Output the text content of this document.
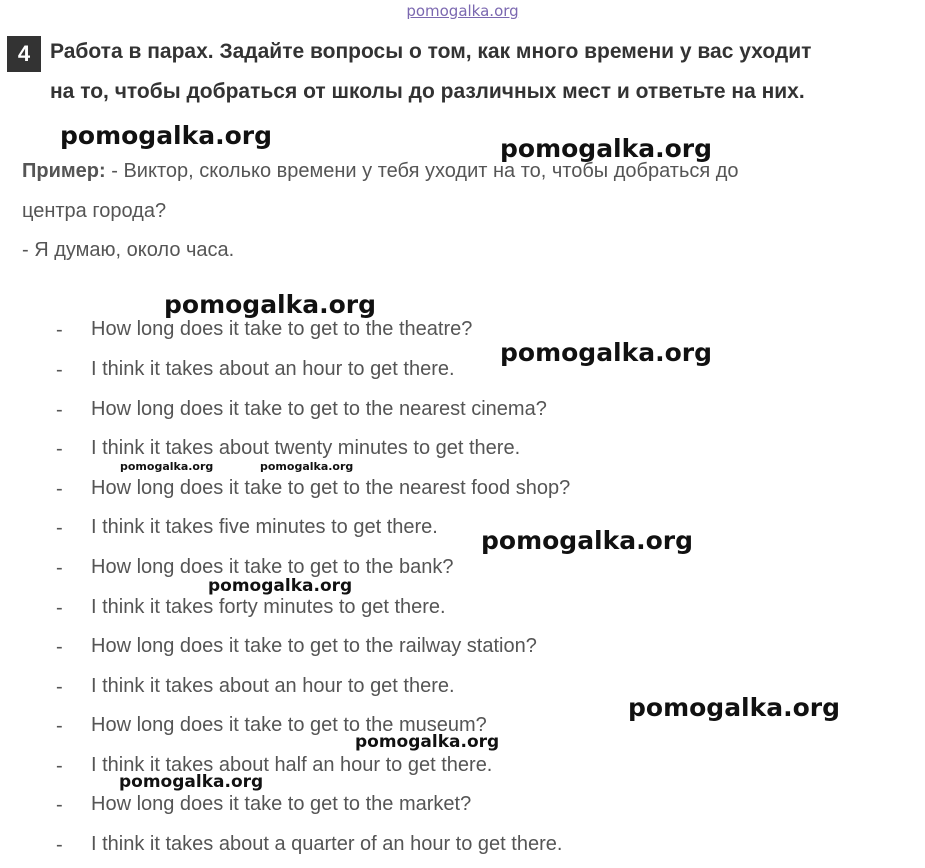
pomogalka.org
4 Работа в парах. Задайте вопросы о том, как много времени у вас уходит
на то, чтобы добраться от школы до различных мест и ответьте на них.
Пример: - Виктор, сколько времени у тебя уходит на то, чтобы добраться до
центра города?
- Я думаю, около часа.
- How long does it take to get to the theatre?
- I think it takes about an hour to get there.
- How long does it take to get to the nearest cinema?
- I think it takes about twenty minutes to get there.
- How long does it take to get to the nearest food shop?
- I think it takes five minutes to get there.
- How long does it take to get to the bank?
- I think it takes forty minutes to get there.
- How long does it take to get to the railway station?
- I think it takes about an hour to get there.
- How long does it take to get to the museum?
- I think it takes about half an hour to get there.
- How long does it take to get to the market?
- I think it takes about a quarter of an hour to get there.
pomogalka.org	pomogalka.org
pomogalka.org
pomogalka.org
pomogalka.org	pomogalka.org
pomogalka.org
pomogalka.org
pomogalka.org
pomogalka.org
pomogalka.org
